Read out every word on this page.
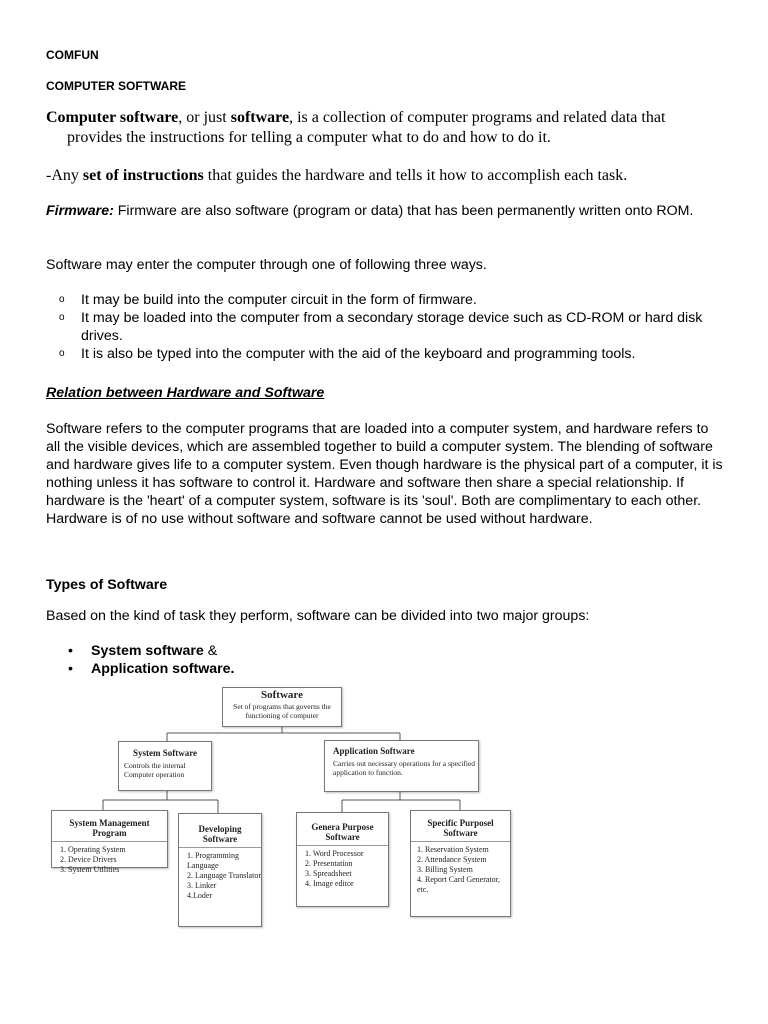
COMFUN
COMPUTER SOFTWARE
Computer software, or just software, is a collection of computer programs and related data that
provides the instructions for telling a computer what to do and how to do it.
-Any set of instructions that guides the hardware and tells it how to accomplish each task.
Firmware: Firmware are also software (program or data) that has been permanently written onto ROM.
Software may enter the computer through one of following three ways.
o It may be build into the computer circuit in the form of firmware.
o It may be loaded into the computer from a secondary storage device such as CD-ROM or hard disk drives.
o It is also be typed into the computer with the aid of the keyboard and programming tools.
Relation between Hardware and Software
Software refers to the computer programs that are loaded into a computer system, and hardware refers to all the visible devices, which are assembled together to build a computer system. The blending of software and hardware gives life to a computer system. Even though hardware is the physical part of a computer, it is nothing unless it has software to control it. Hardware and software then share a special relationship. If hardware is the 'heart' of a computer system, software is its 'soul'. Both are complimentary to each other. Hardware is of no use without software and software cannot be used without hardware.
Types of Software
Based on the kind of task they perform, software can be divided into two major groups:
• System software &
• Application software.
Software
Set of programs that governs the functioning of computer
System Software
Controls the internal Computer operation
Application Software
Carries out necessary operations for a specified application to function.
System Management Program
1. Operating System
2. Device Drivers
3. System Utilities
Developing Software
1. Programming Language
2. Language Translator
3. Linker
4.Loder
Genera Purpose Software
1. Word Processor
2. Presentation
3. Spreadsheet
4. Image editor
Specific Purposel Software
1. Reservation System
2. Attendance System
3. Billing System
4. Report Card Generator, etc.
